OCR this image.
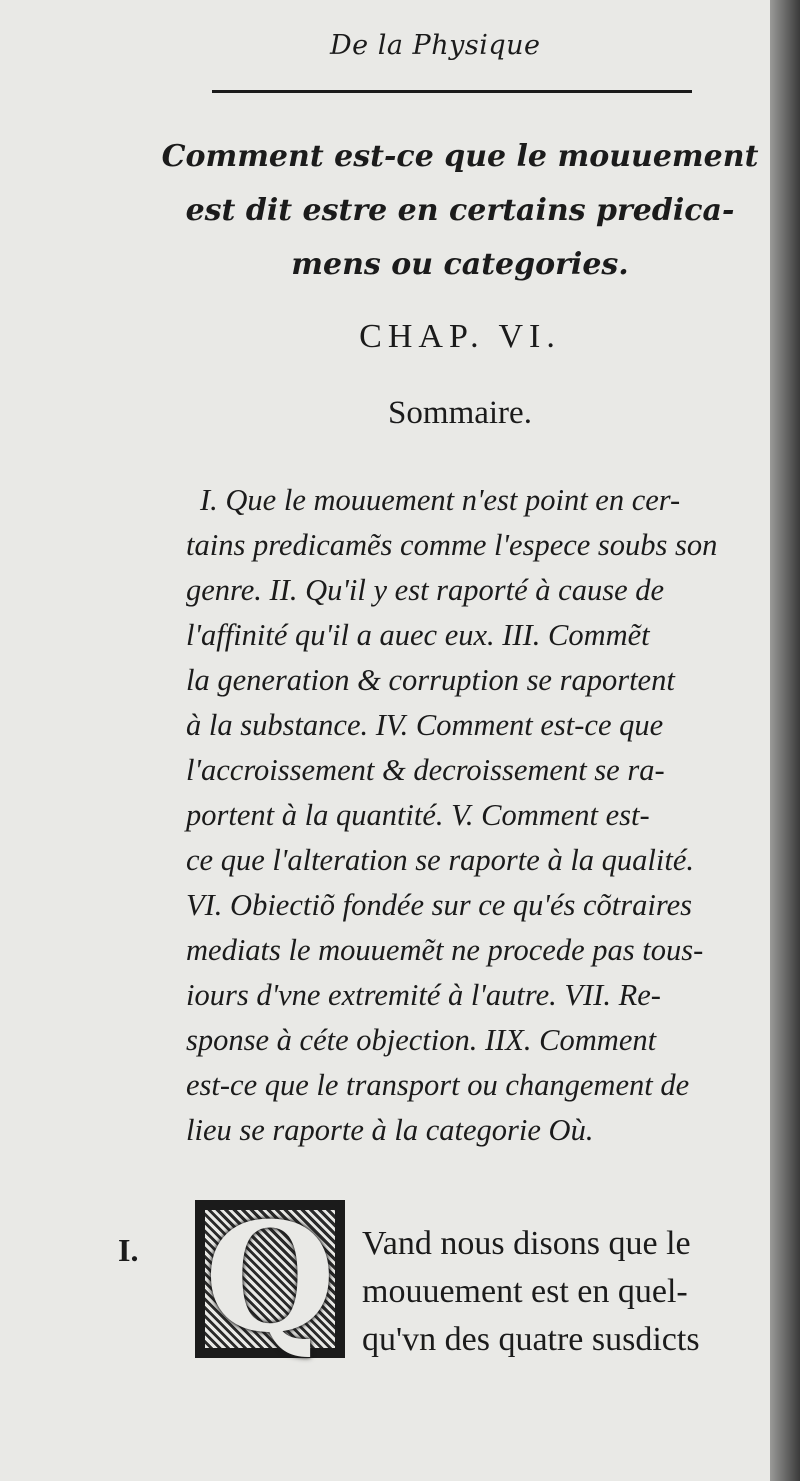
De la Physique
Comment est-ce que le mouuement
est dit estre en certains predica-
mens ou categories.
CHAP. VI.
Sommaire.

I. Que le mouuement n'est point en cer-
tains predicamẽs comme l'espece soubs son
genre. II. Qu'il y est raporté à cause de
l'affinité qu'il a auec eux. III. Commẽt
la generation & corruption se raportent
à la substance. IV. Comment est-ce que
l'accroissement & decroissement se ra-
portent à la quantité. V. Comment est-
ce que l'alteration se raporte à la qualité.
VI. Obiectiõ fondée sur ce qu'és cõtraires
mediats le mouuemẽt ne procede pas tous-
iours d'vne extremité à l'autre. VII. Re-
sponse à céte objection. IIX. Comment
est-ce que le transport ou changement de
lieu se raporte à la categorie Où.

I. Q Vand nous disons que le
mouuement est en quel-
qu'vn des quatre susdicts
